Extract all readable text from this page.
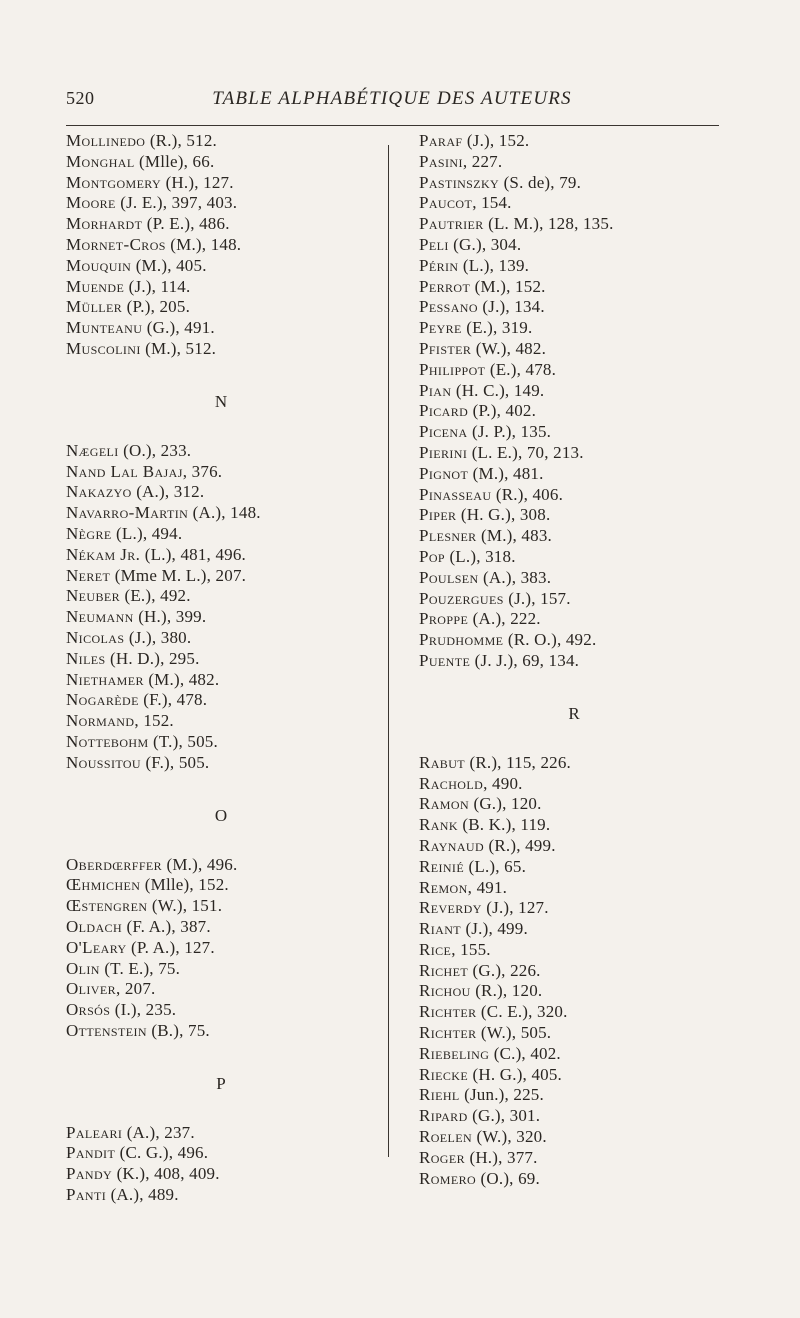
520	TABLE ALPHABÉTIQUE DES AUTEURS
Mollinedo (R.), 512.
Monghal (Mlle), 66.
Montgomery (H.), 127.
Moore (J. E.), 397, 403.
Morhardt (P. E.), 486.
Mornet-Cros (M.), 148.
Mouquin (M.), 405.
Muende (J.), 114.
Müller (P.), 205.
Munteanu (G.), 491.
Muscolini (M.), 512.
N
Nægeli (O.), 233.
Nand Lal Bajaj, 376.
Nakazyo (A.), 312.
Navarro-Martin (A.), 148.
Nègre (L.), 494.
Nékam Jr. (L.), 481, 496.
Neret (Mme M. L.), 207.
Neuber (E.), 492.
Neumann (H.), 399.
Nicolas (J.), 380.
Niles (H. D.), 295.
Niethamer (M.), 482.
Nogarède (F.), 478.
Normand, 152.
Nottebohm (T.), 505.
Noussitou (F.), 505.
O
Oberdœrffer (M.), 496.
Œhmichen (Mlle), 152.
Œstengren (W.), 151.
Oldach (F. A.), 387.
O'Leary (P. A.), 127.
Olin (T. E.), 75.
Oliver, 207.
Orsós (I.), 235.
Ottenstein (B.), 75.
P
Paleari (A.), 237.
Pandit (C. G.), 496.
Pandy (K.), 408, 409.
Panti (A.), 489.
Paraf (J.), 152.
Pasini, 227.
Pastinszky (S. de), 79.
Paucot, 154.
Pautrier (L. M.), 128, 135.
Peli (G.), 304.
Périn (L.), 139.
Perrot (M.), 152.
Pessano (J.), 134.
Peyre (E.), 319.
Pfister (W.), 482.
Philippot (E.), 478.
Pian (H. C.), 149.
Picard (P.), 402.
Picena (J. P.), 135.
Pierini (L. E.), 70, 213.
Pignot (M.), 481.
Pinasseau (R.), 406.
Piper (H. G.), 308.
Plesner (M.), 483.
Pop (L.), 318.
Poulsen (A.), 383.
Pouzergues (J.), 157.
Proppe (A.), 222.
Prudhomme (R. O.), 492.
Puente (J. J.), 69, 134.
R
Rabut (R.), 115, 226.
Rachold, 490.
Ramon (G.), 120.
Rank (B. K.), 119.
Raynaud (R.), 499.
Reinié (L.), 65.
Remon, 491.
Reverdy (J.), 127.
Riant (J.), 499.
Rice, 155.
Richet (G.), 226.
Richou (R.), 120.
Richter (C. E.), 320.
Richter (W.), 505.
Riebeling (C.), 402.
Riecke (H. G.), 405.
Riehl (Jun.), 225.
Ripard (G.), 301.
Roelen (W.), 320.
Roger (H.), 377.
Romero (O.), 69.
